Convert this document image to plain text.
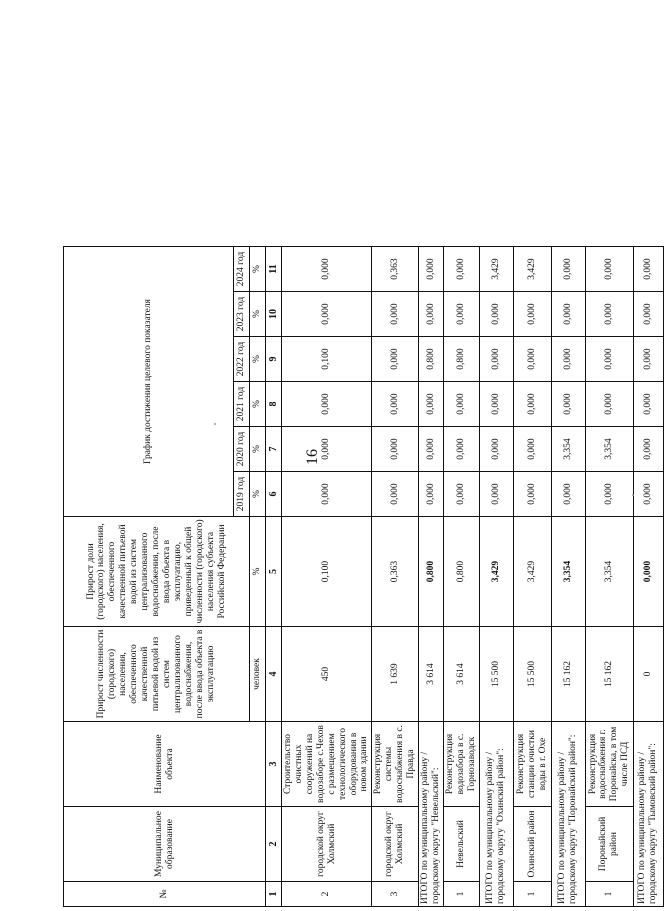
16
№	Муниципальное образование	Наименование объекта	Прирост численности (городского) населения, обеспеченного качественной питьевой водой из систем централизованного водоснабжения, после ввода объекта в эксплуатацию	Прирост доли (городского) населения, обеспеченного качественной питьевой водой из систем централизованного водоснабжения, после ввода объекта в эксплуатацию, приведенный к общей численности (городского) населения субъекта Российской Федерации	График достижения целевого показателя						
					2019 год	2020 год	2021 год	2022 год	2023 год	2024 год	
			человек	%	%	%	%	%	%	%	
1	2	3	4	5	6	7	8	9	10	11	
2	городской округ Холмский	Строительство очистных сооружений на водозаборе с.Чехов с размещением технологического оборудования в новом здании	450	0,100	0,000	0,000	0,000	0,100	0,000	0,000	
3	городской округ Холмский	Реконструкция системы водоснабжения в с. Правда	1 639	0,363	0,000	0,000	0,000	0,000	0,000	0,363	
ИТОГО по муниципальному району / городскому округу "Невельский":			3 614	0,800	0,000	0,000	0,000	0,800	0,000	0,000	
1	Невельский	Реконструкция водозабора в с. Горнозаводск	3 614	0,800	0,000	0,000	0,000	0,800	0,000	0,000	
ИТОГО по муниципальному району / городскому округу "Охинский район":			15 500	3,429	0,000	0,000	0,000	0,000	0,000	3,429	
1	Охинский район	Реконструкция станции очистки воды в г. Охе	15 500	3,429	0,000	0,000	0,000	0,000	0,000	3,429	
ИТОГО по муниципальному району / городскому округу "Поронайский район":			15 162	3,354	0,000	3,354	0,000	0,000	0,000	0,000	
1	Поронайский район	Реконструкция водоснабжения г. Поронайска, в том числе ПСД	15 162	3,354	0,000	3,354	0,000	0,000	0,000	0,000	
ИТОГО по муниципальному району / городскому округу "Тымовский район":			0	0,000	0,000	0,000	0,000	0,000	0,000	0,000	
